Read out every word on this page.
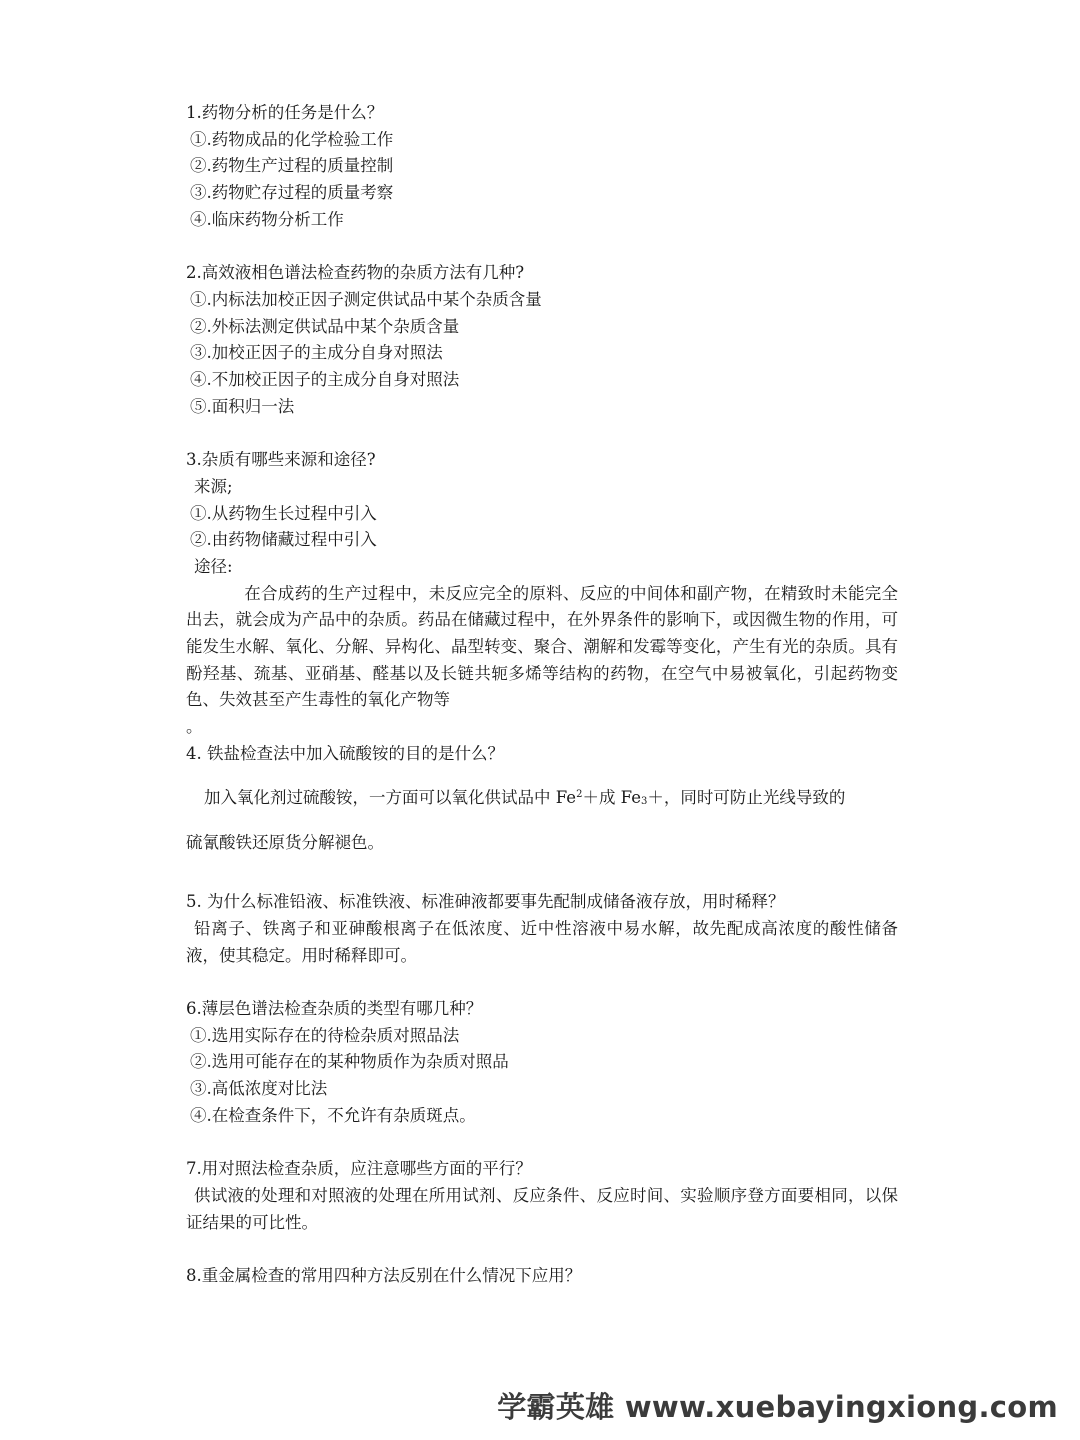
1.药物分析的任务是什么？
①.药物成品的化学检验工作
②.药物生产过程的质量控制
③.药物贮存过程的质量考察
④.临床药物分析工作
2.高效液相色谱法检查药物的杂质方法有几种?
①.内标法加校正因子测定供试品中某个杂质含量
②.外标法测定供试品中某个杂质含量
③.加校正因子的主成分自身对照法
④.不加校正因子的主成分自身对照法
⑤.面积归一法
3.杂质有哪些来源和途径?
来源;
①.从药物生长过程中引入
②.由药物储藏过程中引入
途径:
在合成药的生产过程中，未反应完全的原料、反应的中间体和副产物，在精致时未能完全出去，就会成为产品中的杂质。药品在储藏过程中，在外界条件的影响下，或因微生物的作用，可能发生水解、氧化、分解、异构化、晶型转变、聚合、潮解和发霉等变化，产生有光的杂质。具有酚羟基、巯基、亚硝基、醛基以及长链共轭多烯等结构的药物，在空气中易被氧化，引起药物变色、失效甚至产生毒性的氧化产物等
。
4. 铁盐检查法中加入硫酸铵的目的是什么？
加入氧化剂过硫酸铵，一方面可以氧化供试品中 $Fe^2+$成 $Fe_3+$，同时可防止光线导致的
硫氰酸铁还原货分解褪色。
5. 为什么标准铅液、标准铁液、标准砷液都要事先配制成储备液存放，用时稀释？
铅离子、铁离子和亚砷酸根离子在低浓度、近中性溶液中易水解，故先配成高浓度的酸性储备液，使其稳定。用时稀释即可。
6.薄层色谱法检查杂质的类型有哪几种？
①.选用实际存在的待检杂质对照品法
②.选用可能存在的某种物质作为杂质对照品
③.高低浓度对比法
④.在检查条件下，不允许有杂质斑点。
7.用对照法检查杂质，应注意哪些方面的平行？
供试液的处理和对照液的处理在所用试剂、反应条件、反应时间、实验顺序登方面要相同，以保证结果的可比性。
8.重金属检查的常用四种方法反别在什么情况下应用？
学霸英雄 www.xuebayingxiong.com
